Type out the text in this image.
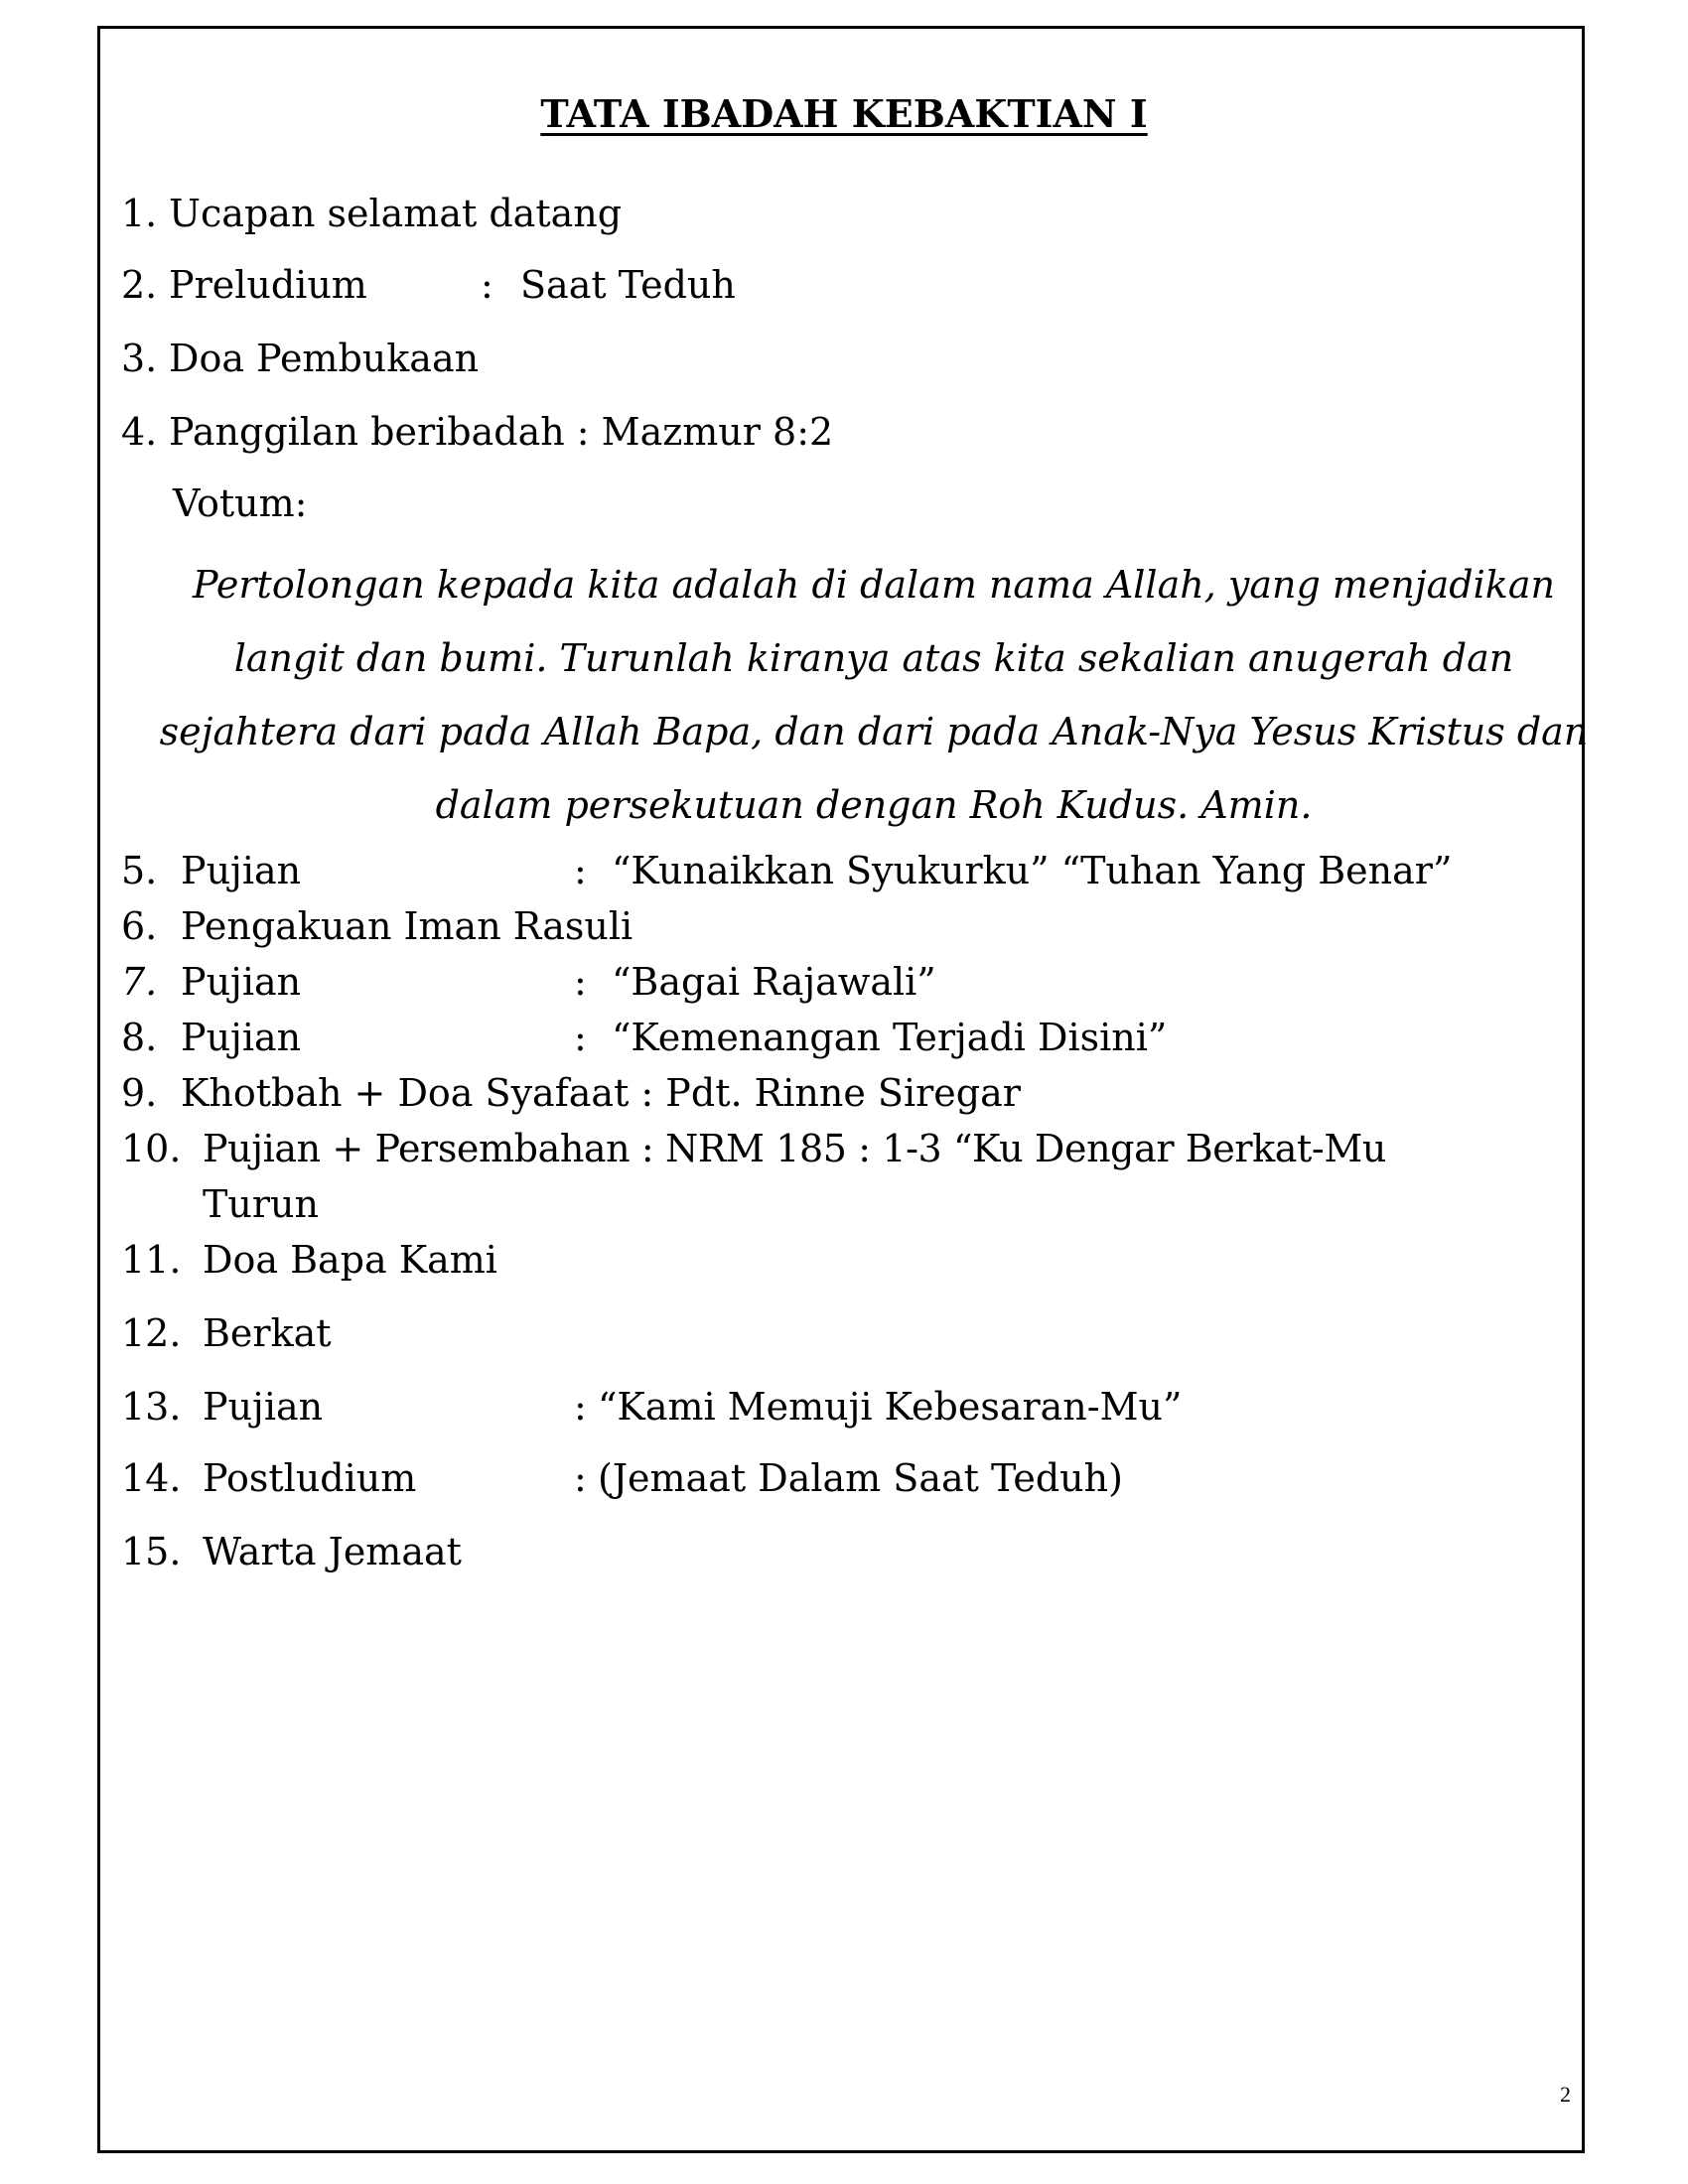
TATA IBADAH KEBAKTIAN I
1. Ucapan selamat datang
2. Preludium	: Saat Teduh
3. Doa Pembukaan
4. Panggilan beribadah : Mazmur 8:2
Votum:

Pertolongan kepada kita adalah di dalam nama Allah, yang menjadikan langit dan bumi. Turunlah kiranya atas kita sekalian anugerah dan sejahtera dari pada Allah Bapa, dan dari pada Anak-Nya Yesus Kristus dan dalam persekutuan dengan Roh Kudus. Amin.

5. Pujian	: “Kunaikkan Syukurku” “Tuhan Yang Benar”
6. Pengakuan Iman Rasuli
7. Pujian	: “Bagai Rajawali”
8. Pujian	: “Kemenangan Terjadi Disini”
9. Khotbah + Doa Syafaat : Pdt. Rinne Siregar
10. Pujian + Persembahan : NRM 185 : 1-3 “Ku Dengar Berkat-Mu
Turun
11. Doa Bapa Kami
12. Berkat
13. Pujian	: “Kami Memuji Kebesaran-Mu”
14. Postludium	: (Jemaat Dalam Saat Teduh)
15. Warta Jemaat
2
